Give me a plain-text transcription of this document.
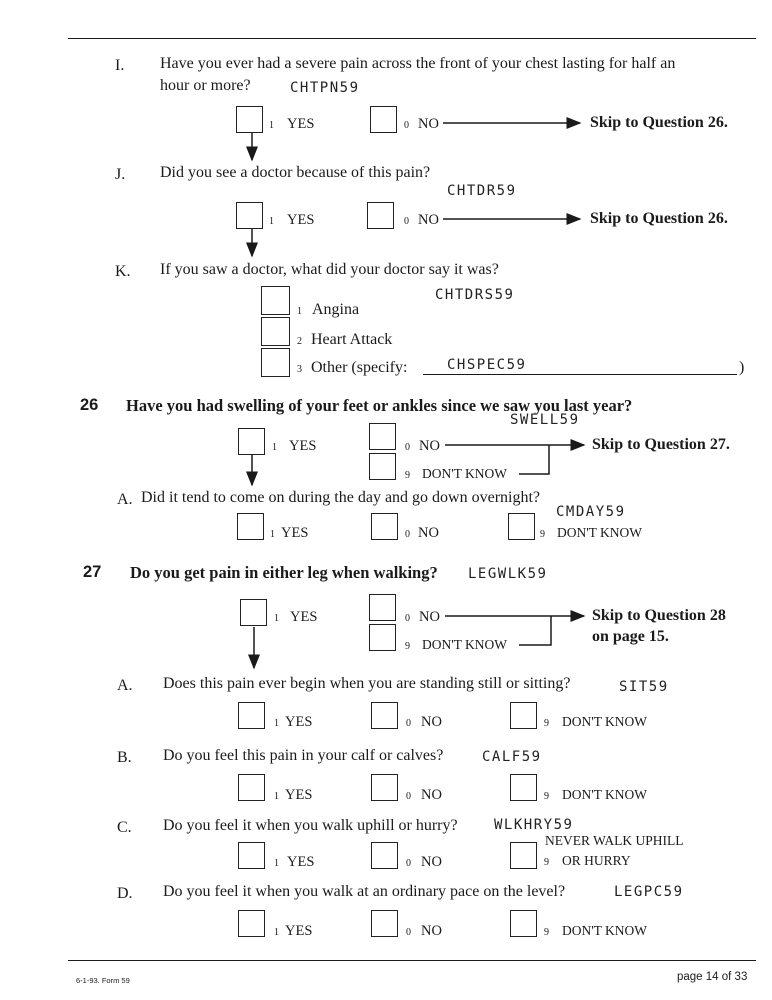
I. Have you ever had a severe pain across the front of your chest lasting for half an
hour or more?	CHTPN59
1 YES	0 NO	Skip to Question 26.
J. Did you see a doctor because of this pain?
CHTDR59
1 YES	0 NO	Skip to Question 26.
K. If you saw a doctor, what did your doctor say it was?
CHTDRS59
1 Angina
2 Heart Attack
3 Other (specify:	CHSPEC59	)
26 Have you had swelling of your feet or ankles since we saw you last year?
SWELL59
1 YES	0 NO
9 DON'T KNOW
Skip to Question 27.
A. Did it tend to come on during the day and go down overnight?
CMDAY59
1 YES	0 NO	9 DON'T KNOW
27 Do you get pain in either leg when walking? LEGWLK59
1 YES	0 NO
9 DON'T KNOW
Skip to Question 28
on page 15.
A. Does this pain ever begin when you are standing still or sitting?	SIT59
1 YES	0 NO	9 DON'T KNOW
B. Do you feel this pain in your calf or calves?	CALF59
1 YES	0 NO	9 DON'T KNOW
C. Do you feel it when you walk uphill or hurry?	WLKHRY59
1 YES	0 NO
NEVER WALK UPHILL
9 OR HURRY
D. Do you feel it when you walk at an ordinary pace on the level?	LEGPC59
1 YES	0 NO	9 DON'T KNOW
6-1-93. Form 59	page 14 of 33
